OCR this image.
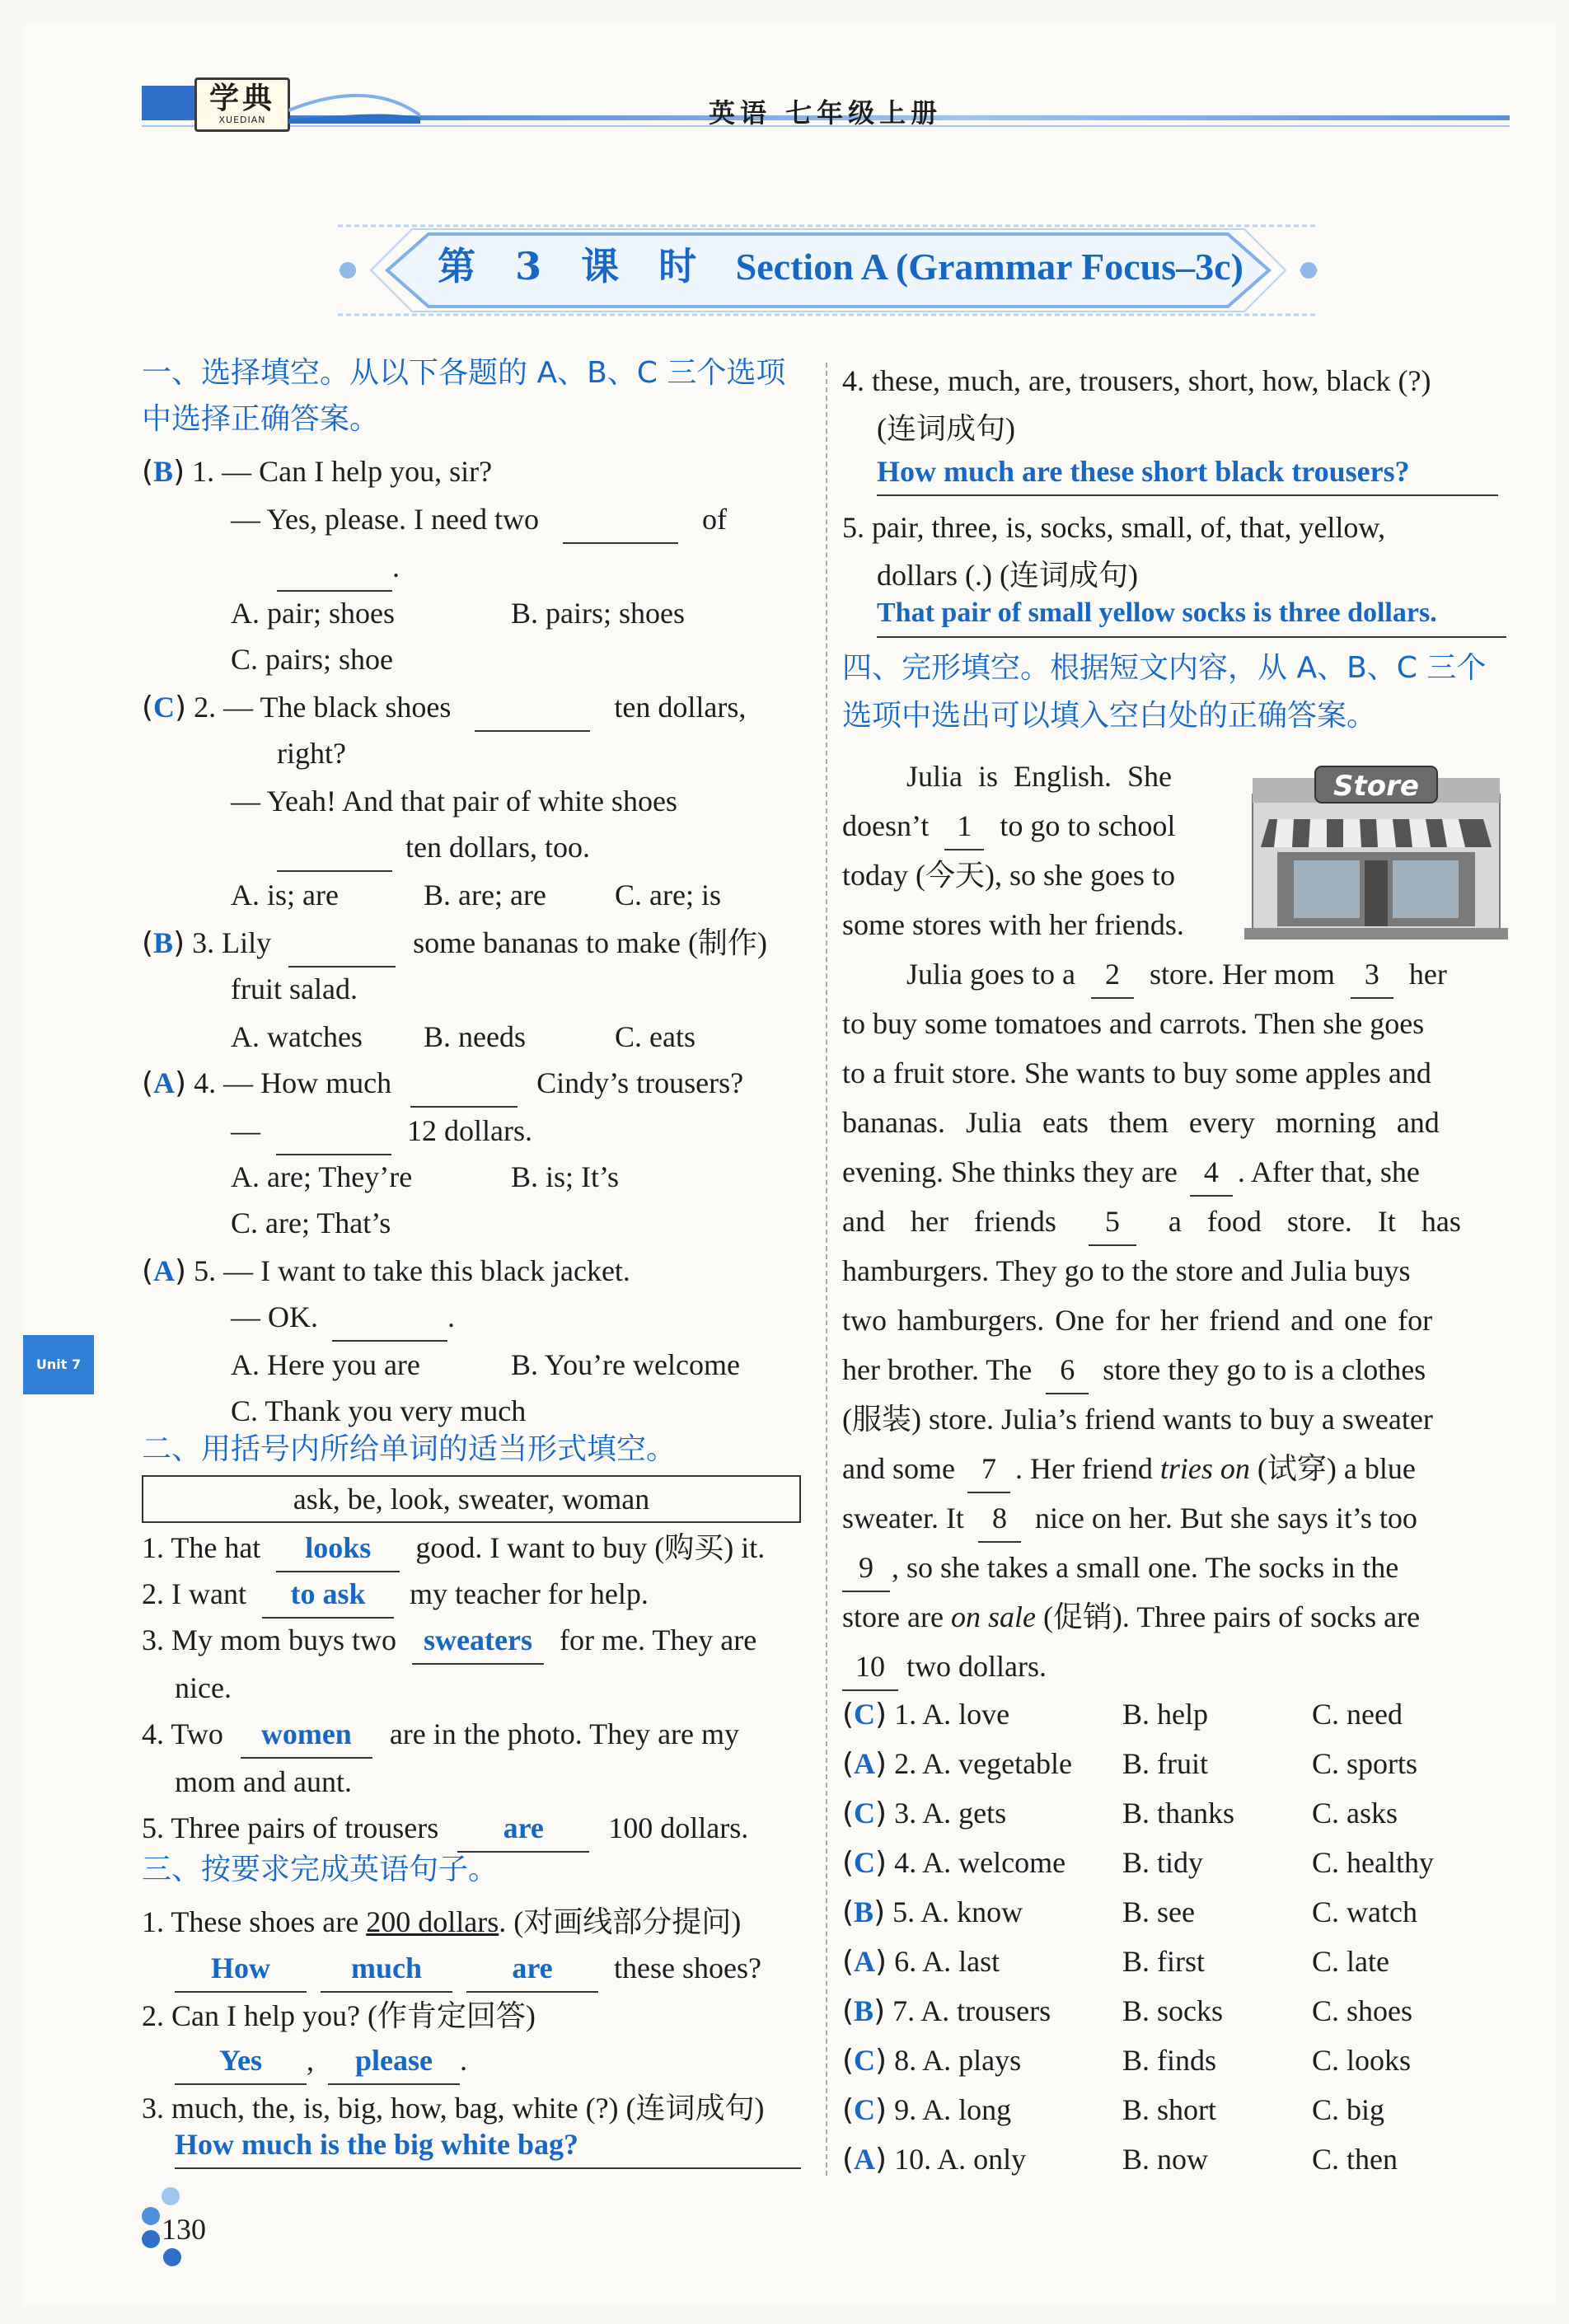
学典
XUEDIAN	英语 七年级上册
第 3 课 时 Section A (Grammar Focus–3c)
一、选择填空。从以下各题的 A、B、C 三个选项
中选择正确答案。
(B) 1. — Can I help you, sir?
— Yes, please. I need two	of
.
A. pair; shoes	B. pairs; shoes
C. pairs; shoe
(C) 2. — The black shoes	ten dollars,
right?
— Yeah! And that pair of white shoes
ten dollars, too.
A. is; are	B. are; are C. are; is
(B) 3. Lily	some bananas to make (制作)
fruit salad.
A. watches B. needs	C. eats
(A) 4. — How much	Cindy’s trousers?
—	12 dollars.
A. are; They’re	B. is; It’s
C. are; That’s
(A) 5. — I want to take this black jacket.
— OK.	.
A. Here you are	B. You’re welcome
C. Thank you very much
二、用括号内所给单词的适当形式填空。
ask, be, look, sweater, woman
1. The hat looks good. I want to buy (购买) it.
2. I want to ask my teacher for help.
3. My mom buys two sweaters for me. They are
nice.
4. Two women are in the photo. They are my
mom and aunt.
5. Three pairs of trousers are 100 dollars.
三、按要求完成英语句子。
1. These shoes are 200 dollars. (对画线部分提问)
How	much	are these shoes?
2. Can I help you? (作肯定回答)
Yes , please .
3. much, the, is, big, how, bag, white (?) (连词成句)
How much is the big white bag?
4. these, much, are, trousers, short, how, black (?)
(连词成句)
How much are these short black trousers?
5. pair, three, is, socks, small, of, that, yellow,
dollars (.) (连词成句)
That pair of small yellow socks is three dollars.
四、完形填空。根据短文内容，从 A、B、C 三个
选项中选出可以填入空白处的正确答案。
Store
Julia is English. She
doesn’t 1 to go to school
today (今天), so she goes to
some stores with her friends.
Julia goes to a 2 store. Her mom 3 her
to buy some tomatoes and carrots. Then she goes
to a fruit store. She wants to buy some apples and
bananas. Julia eats them every morning and
evening. She thinks they are 4 . After that, she
and her friends 5 a food store. It has
hamburgers. They go to the store and Julia buys
two hamburgers. One for her friend and one for
her brother. The 6 store they go to is a clothes
(服装) store. Julia’s friend wants to buy a sweater
and some 7 . Her friend tries on (试穿) a blue
sweater. It 8 nice on her. But she says it’s too
9 , so she takes a small one. The socks in the
store are on sale (促销). Three pairs of socks are
10 two dollars.
(C) 1. A. love	B. help	C. need
(A) 2. A. vegetable B. fruit	C. sports
(C) 3. A. gets	B. thanks	C. asks
(C) 4. A. welcome B. tidy	C. healthy
(B) 5. A. know	B. see	C. watch
(A) 6. A. last	B. first	C. late
(B) 7. A. trousers B. socks	C. shoes
(C) 8. A. plays	B. finds	C. looks
(C) 9. A. long	B. short	C. big
(A) 10. A. only	B. now	C. then
Unit 7
130
